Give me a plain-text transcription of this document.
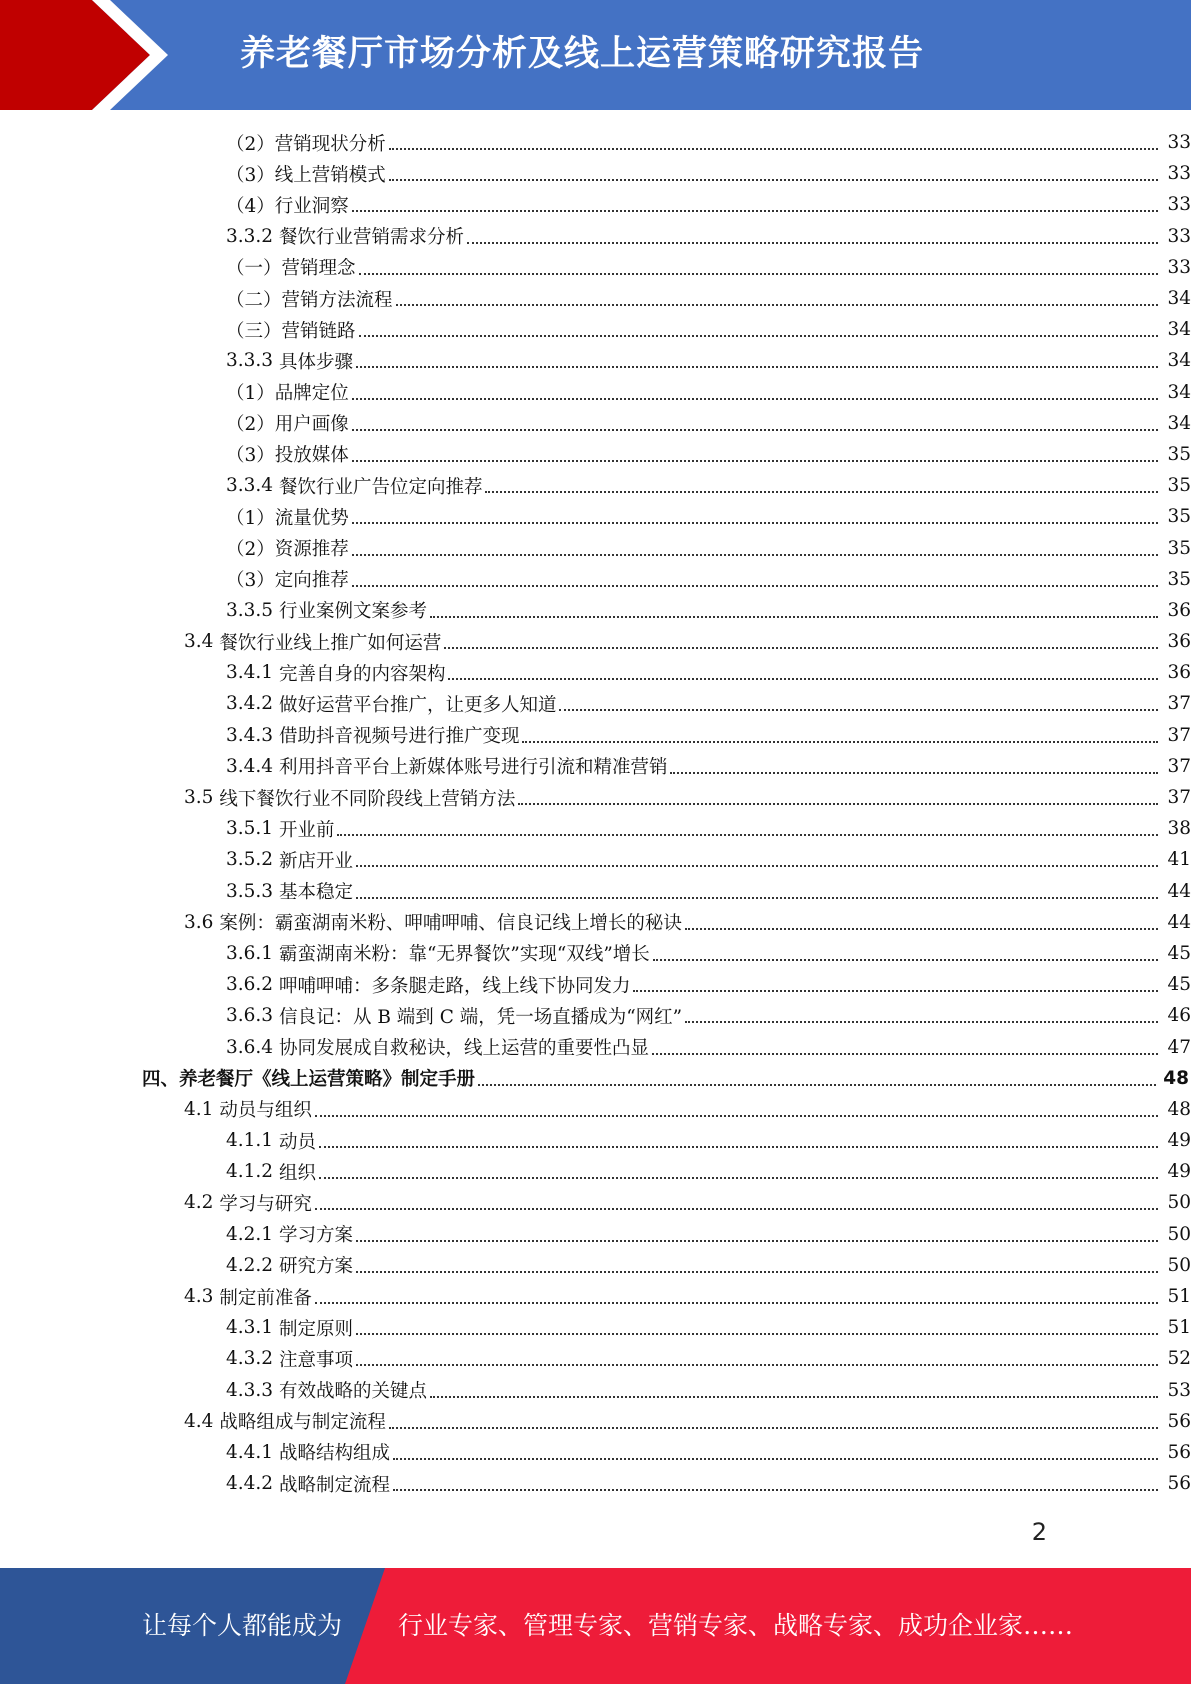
养老餐厅市场分析及线上运营策略研究报告
（2） 营销现状分析	33
（3） 线上营销模式	33
（4） 行业洞察	33
3.3.2 餐饮行业营销需求分析	33
（一） 营销理念	33
（二） 营销方法流程	34
（三） 营销链路	34
3.3.3 具体步骤	34
（1） 品牌定位	34
（2） 用户画像	34
（3） 投放媒体	35
3.3.4 餐饮行业广告位定向推荐	35
（1） 流量优势	35
（2） 资源推荐	35
（3） 定向推荐	35
3.3.5 行业案例文案参考	36
3.4 餐饮行业线上推广如何运营	36
3.4.1 完善自身的内容架构	36
3.4.2 做好运营平台推广，让更多人知道	37
3.4.3 借助抖音视频号进行推广变现	37
3.4.4 利用抖音平台上新媒体账号进行引流和精准营销	37
3.5 线下餐饮行业不同阶段线上营销方法	37
3.5.1 开业前	38
3.5.2 新店开业	41
3.5.3 基本稳定	44
3.6 案例：霸蛮湖南米粉、呷哺呷哺、信良记线上增长的秘诀	44
3.6.1 霸蛮湖南米粉：靠“无界餐饮”实现“双线”增长	45
3.6.2 呷哺呷哺：多条腿走路，线上线下协同发力	45
3.6.3 信良记：从 B 端到 C 端，凭一场直播成为“网红”	46
3.6.4 协同发展成自救秘诀，线上运营的重要性凸显	47
四、养老餐厅《线上运营策略》制定手册	48
4.1 动员与组织	48
4.1.1 动员	49
4.1.2 组织	49
4.2 学习与研究	50
4.2.1 学习方案	50
4.2.2 研究方案	50
4.3 制定前准备	51
4.3.1 制定原则	51
4.3.2 注意事项	52
4.3.3 有效战略的关键点	53
4.4 战略组成与制定流程	56
4.4.1 战略结构组成	56
4.4.2 战略制定流程	56
2
让每个人都能成为 行业专家、管理专家、营销专家、战略专家、成功企业家……
